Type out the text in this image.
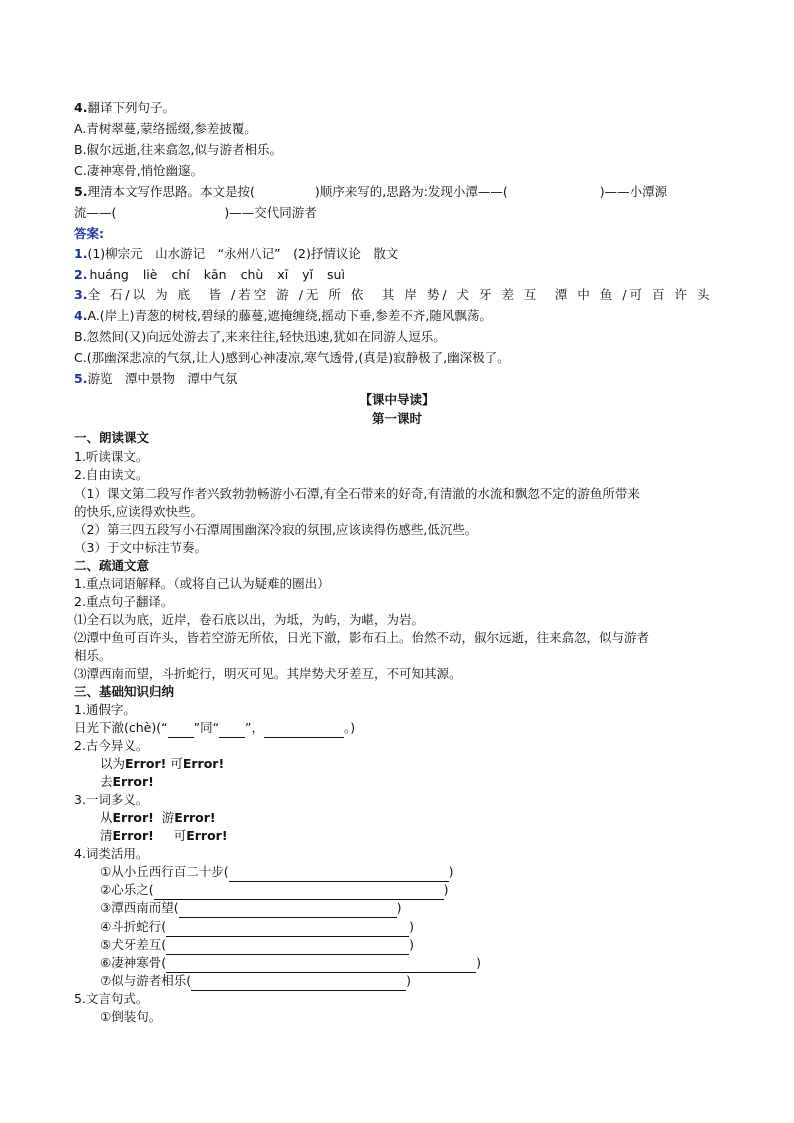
4.翻译下列句子。
A.青树翠蔓,蒙络摇缀,参差披覆。
B.俶尔远逝,往来翕忽,似与游者相乐。
C.凄神寒骨,悄怆幽邃。
5.理清本文写作思路。本文是按(	)顺序来写的,思路为:发现小潭——(	)——小潭源
流——(	)——交代同游者
答案:
1.(1)柳宗元　山水游记　“永州八记”　(2)抒情议论　散文
2. huáng liè chí kān chù xī yǐ suì
3.全 石/以 为 底　皆 /若空 游 /无 所 依　其 岸 势/ 犬 牙 差 互　潭 中 鱼 /可 百 许 头
4.A.(岸上)青葱的树枝,碧绿的藤蔓,遮掩缠绕,摇动下垂,参差不齐,随风飘荡。
B.忽然间(又)向远处游去了,来来往往,轻快迅速,犹如在同游人逗乐。
C.(那幽深悲凉的气氛,让人)感到心神凄凉,寒气透骨,(真是)寂静极了,幽深极了。
5.游览　潭中景物　潭中气氛
【课中导读】
第一课时
一、朗读课文
1.听读课文。
2.自由读文。
（1）课文第二段写作者兴致勃勃畅游小石潭,有全石带来的好奇,有清澈的水流和飘忽不定的游鱼所带来
的快乐,应读得欢快些。
（2）第三四五段写小石潭周围幽深冷寂的氛围,应该读得伤感些,低沉些。
（3）于文中标注节奏。
二、疏通文意
1.重点词语解释。（或将自己认为疑难的圈出）
2.重点句子翻译。
⑴全石以为底，近岸，卷石底以出，为坻，为屿，为嵁，为岩。
⑵潭中鱼可百许头，皆若空游无所依，日光下澈，影布石上。佁然不动，俶尔远逝，往来翕忽，似与游者
相乐。
⑶潭西南而望，斗折蛇行，明灭可见。其岸势犬牙差互，不可知其源。
三、基础知识归纳
1.通假字。
日光下澈(chè)(“ ”同“ ”，	。)
2.古今异义。
以为Error! 可Error!
去Error!
3.一词多义。
从Error!  游Error!
清Error!     可Error!
4.词类活用。
①从小丘西行百二十步(	)
②心乐之(	)
③潭西南而望(	)
④斗折蛇行(	)
⑤犬牙差互(	)
⑥凄神寒骨(	)
⑦似与游者相乐(	)
5.文言句式。
①倒装句。
